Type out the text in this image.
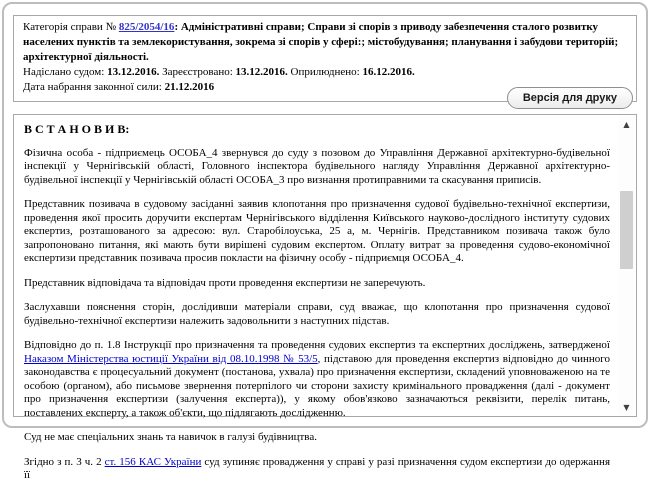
Категорія справи № 825/2054/16: Адміністративні справи; Справи зі спорів з приводу забезпечення сталого розвитку населених пунктів та землекористування, зокрема зі спорів у сфері:; містобудування; планування і забудови територій; архітектурної діяльності.
Надіслано судом: 13.12.2016. Зареєстровано: 13.12.2016. Оприлюднено: 16.12.2016.
Дата набрання законної сили: 21.12.2016
Версія для друку
В С Т А Н О В И В:

Фізична особа - підприємець ОСОБА_4 звернувся до суду з позовом до Управління Державної архітектурно-будівельної інспекції у Чернігівській області, Головного інспектора будівельного нагляду Управління Державної архітектурно-будівельної інспекції у Чернігівській області ОСОБА_3 про визнання протиправними та скасування приписів.

Представник позивача в судовому засіданні заявив клопотання про призначення судової будівельно-технічної експертизи, проведення якої просить доручити експертам Чернігівського відділення Київського науково-дослідного інституту судових експертиз, розташованого за адресою: вул. Старобілоуська, 25 а, м. Чернігів. Представником позивача також було запропоновано питання, які мають бути вирішені судовим експертом. Оплату витрат за проведення судово-економічної експертизи представник позивача просив покласти на фізичну особу - підприємця ОСОБА_4.

Представник відповідача та відповідач проти проведення експертизи не заперечують.

Заслухавши пояснення сторін, дослідивши матеріали справи, суд вважає, що клопотання про призначення судової будівельно-технічної експертизи належить задовольнити з наступних підстав.

Відповідно до п. 1.8 Інструкції про призначення та проведення судових експертиз та експертних досліджень, затвердженої Наказом Міністерства юстиції України від 08.10.1998 № 53/5, підставою для проведення експертиз відповідно до чинного законодавства є процесуальний документ (постанова, ухвала) про призначення експертизи, складений уповноваженою на те особою (органом), або письмове звернення потерпілого чи сторони захисту кримінального провадження (далі - документ про призначення експертизи (залучення експерта)), у якому обов'язково зазначаються реквізити, перелік питань, поставлених експерту, а також об'єкти, що підлягають дослідженню.

Суд не має спеціальних знань та навичок в галузі будівництва.

Згідно з п. 3 ч. 2 ст. 156 КАС України суд зупиняє провадження у справі у разі призначення судом експертизи до одержання її

▲
▼
